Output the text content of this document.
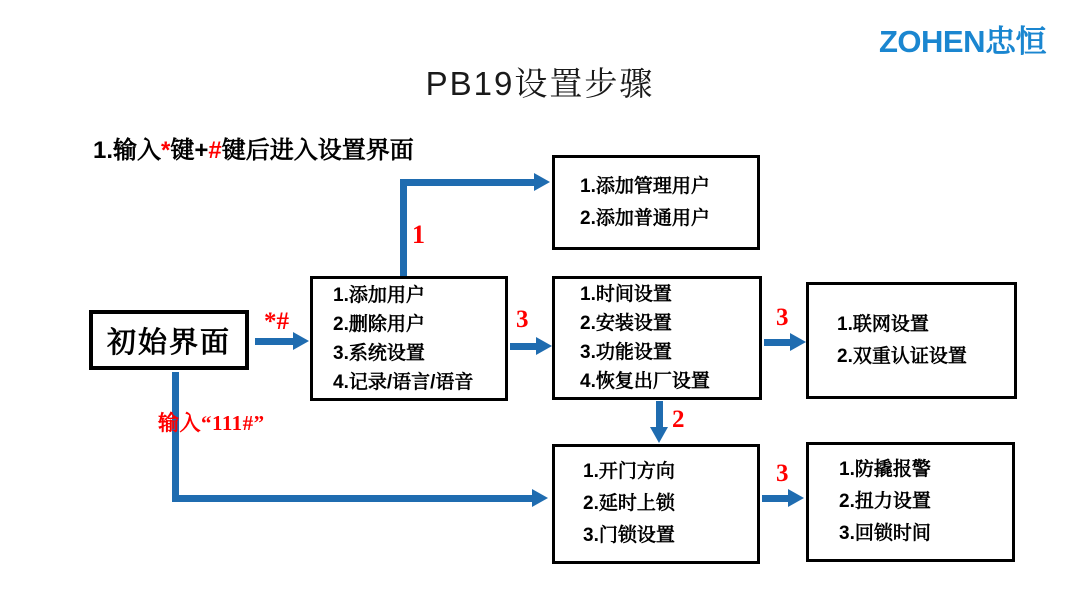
ZOHEN忠恒
PB19设置步骤
1.输入*键+#键后进入设置界面
初始界面
1.添加用户
2.删除用户
3.系统设置
4.记录/语言/语音
1.添加管理用户
2.添加普通用户
1.时间设置
2.安装设置
3.功能设置
4.恢复出厂设置
1.联网设置
2.双重认证设置
1.开门方向
2.延时上锁
3.门锁设置
1.防撬报警
2.扭力设置
3.回锁时间
*#
1
3	3
2
3
输入“111#”
